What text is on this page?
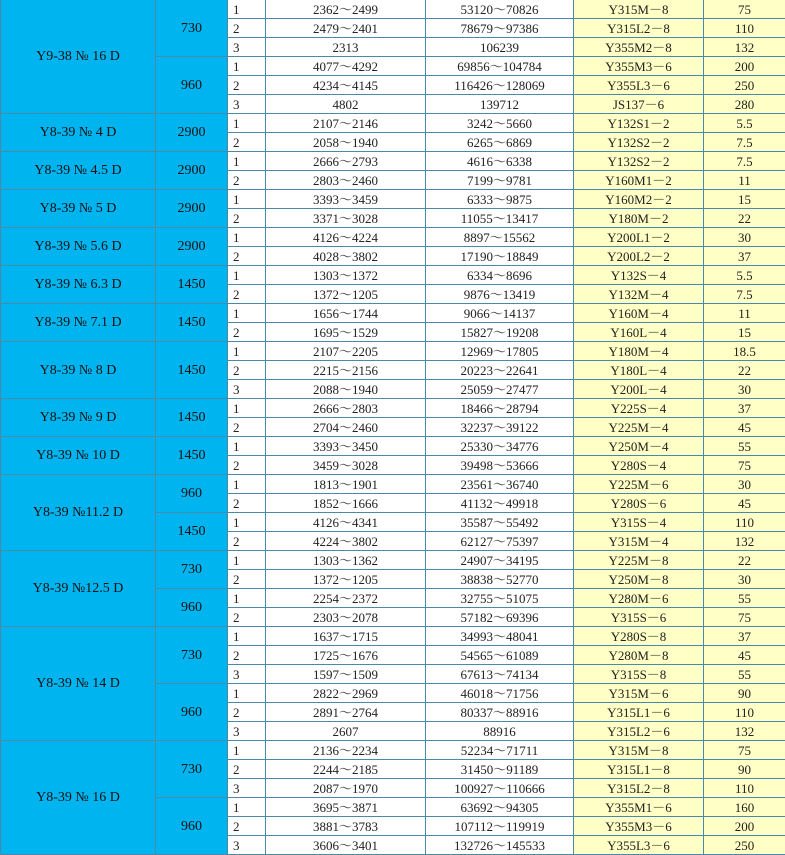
Y9-38 № 16 D	730	1	2362～2499	53120～70826	Y315M－8	75
		2	2479～2401	78679～97386	Y315L2－8	110
		3	2313	106239	Y355M2－8	132
	960	1	4077～4292	69856～104784	Y355M3－6	200
		2	4234～4145	116426～128069	Y355L3－6	250
		3	4802	139712	JS137－6	280
Y8-39 № 4 D	2900	1	2107～2146	3242～5660	Y132S1－2	5.5
		2	2058～1940	6265～6869	Y132S2－2	7.5
Y8-39 № 4.5 D	2900	1	2666～2793	4616～6338	Y132S2－2	7.5
		2	2803～2460	7199～9781	Y160M1－2	11
Y8-39 № 5 D	2900	1	3393～3459	6333～9875	Y160M2－2	15
		2	3371～3028	11055～13417	Y180M－2	22
Y8-39 № 5.6 D	2900	1	4126～4224	8897～15562	Y200L1－2	30
		2	4028～3802	17190～18849	Y200L2－2	37
Y8-39 № 6.3 D	1450	1	1303～1372	6334～8696	Y132S－4	5.5
		2	1372～1205	9876～13419	Y132M－4	7.5
Y8-39 № 7.1 D	1450	1	1656～1744	9066～14137	Y160M－4	11
		2	1695～1529	15827～19208	Y160L－4	15
Y8-39 № 8 D	1450	1	2107～2205	12969～17805	Y180M－4	18.5
		2	2215～2156	20223～22641	Y180L－4	22
		3	2088～1940	25059～27477	Y200L－4	30
Y8-39 № 9 D	1450	1	2666～2803	18466～28794	Y225S－4	37
		2	2704～2460	32237～39122	Y225M－4	45
Y8-39 № 10 D	1450	1	3393～3450	25330～34776	Y250M－4	55
		2	3459～3028	39498～53666	Y280S－4	75
Y8-39 №11.2 D	960	1	1813～1901	23561～36740	Y225M－6	30
		2	1852～1666	41132～49918	Y280S－6	45
	1450	1	4126～4341	35587～55492	Y315S－4	110
		2	4224～3802	62127～75397	Y315M－4	132
Y8-39 №12.5 D	730	1	1303～1362	24907～34195	Y225M－8	22
		2	1372～1205	38838～52770	Y250M－8	30
	960	1	2254～2372	32755～51075	Y280M－6	55
		2	2303～2078	57182～69396	Y315S－6	75
Y8-39 № 14 D	730	1	1637～1715	34993～48041	Y280S－8	37
		2	1725～1676	54565～61089	Y280M－8	45
		3	1597～1509	67613～74134	Y315S－8	55
	960	1	2822～2969	46018～71756	Y315M－6	90
		2	2891～2764	80337～88916	Y315L1－6	110
		3	2607	88916	Y315L2－6	132
Y8-39 № 16 D	730	1	2136～2234	52234～71711	Y315M－8	75
		2	2244～2185	31450～91189	Y315L1－8	90
		3	2087～1970	100927～110666	Y315L2－8	110
	960	1	3695～3871	63692～94305	Y355M1－6	160
		2	3881～3783	107112～119919	Y355M3－6	200
		3	3606～3401	132726～145533	Y355L3－6	250
